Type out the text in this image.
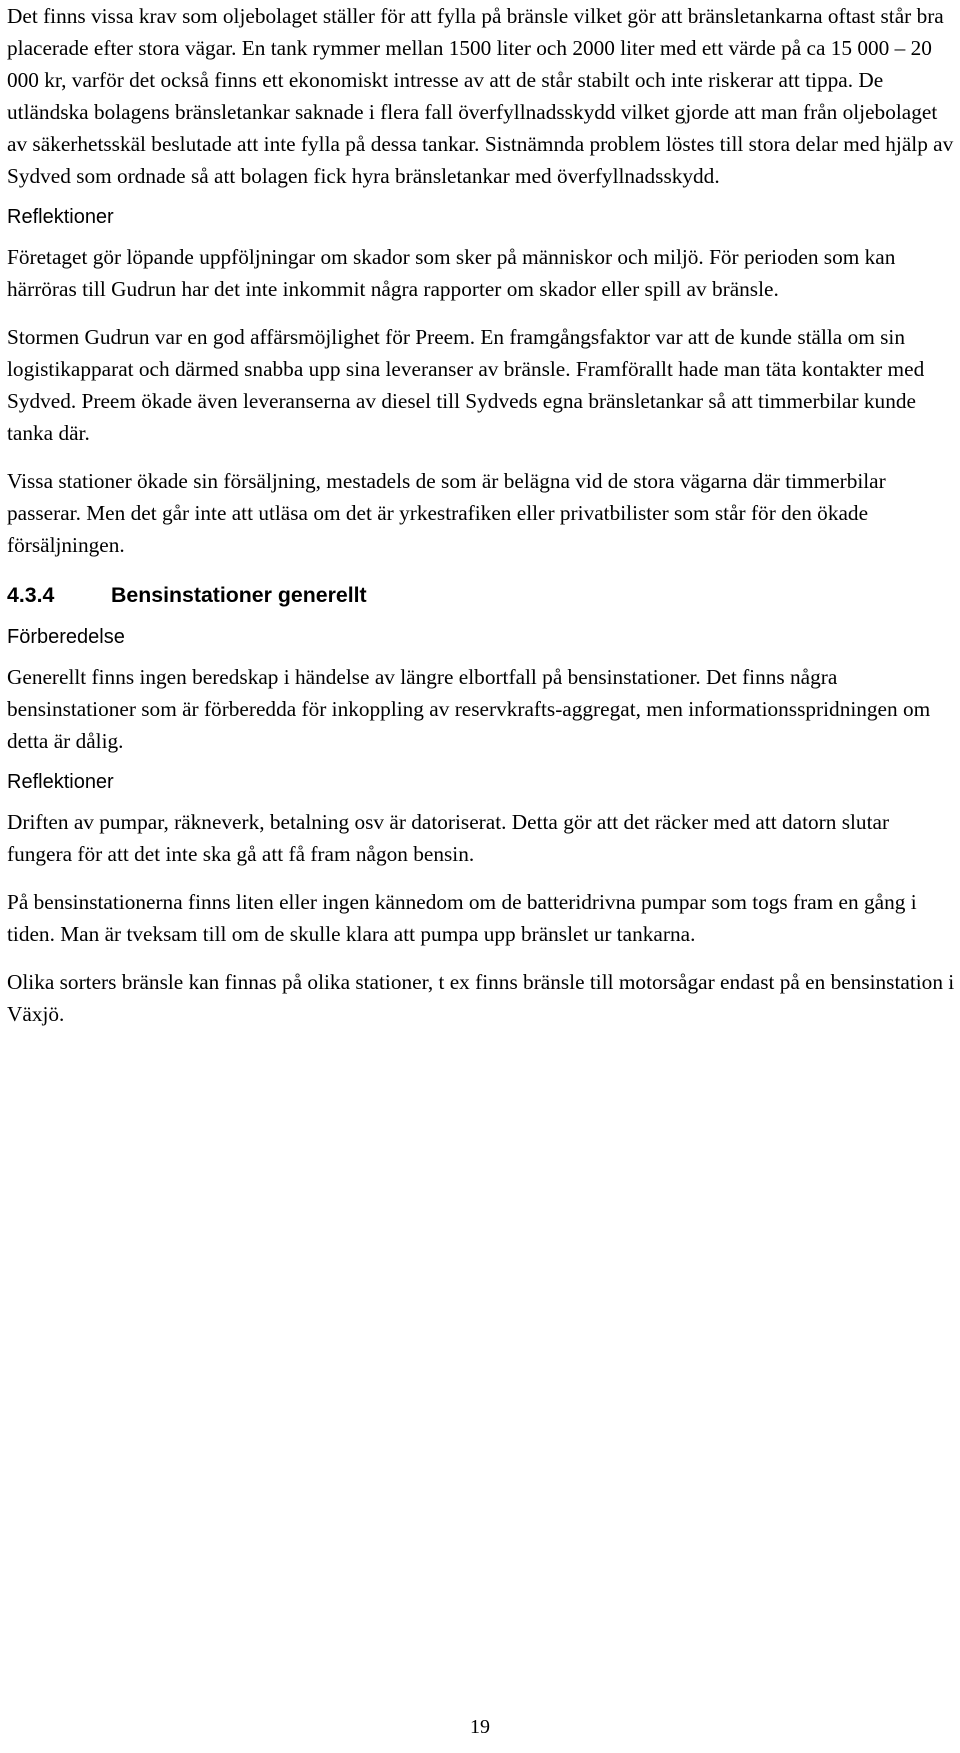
Det finns vissa krav som oljebolaget ställer för att fylla på bränsle vilket gör att bränsletankarna oftast står bra placerade efter stora vägar. En tank rymmer mellan 1500 liter och 2000 liter med ett värde på ca 15 000 – 20 000 kr, varför det också finns ett ekonomiskt intresse av att de står stabilt och inte riskerar att tippa. De utländska bolagens bränsletankar saknade i flera fall överfyllnadsskydd vilket gjorde att man från oljebolaget av säkerhetsskäl beslutade att inte fylla på dessa tankar. Sistnämnda problem löstes till stora delar med hjälp av Sydved som ordnade så att bolagen fick hyra bränsletankar med överfyllnadsskydd.

Reflektioner

Företaget gör löpande uppföljningar om skador som sker på människor och miljö. För perioden som kan härröras till Gudrun har det inte inkommit några rapporter om skador eller spill av bränsle.

Stormen Gudrun var en god affärsmöjlighet för Preem. En framgångsfaktor var att de kunde ställa om sin logistikapparat och därmed snabba upp sina leveranser av bränsle. Framförallt hade man täta kontakter med Sydved. Preem ökade även leveranserna av diesel till Sydveds egna bränsletankar så att timmerbilar kunde tanka där.

Vissa stationer ökade sin försäljning, mestadels de som är belägna vid de stora vägarna där timmerbilar passerar. Men det går inte att utläsa om det är yrkestrafiken eller privatbilister som står för den ökade försäljningen.

4.3.4	Bensinstationer generellt

Förberedelse

Generellt finns ingen beredskap i händelse av längre elbortfall på bensinstationer. Det finns några bensinstationer som är förberedda för inkoppling av reservkrafts-aggregat, men informationsspridningen om detta är dålig.

Reflektioner

Driften av pumpar, räkneverk, betalning osv är datoriserat. Detta gör att det räcker med att datorn slutar fungera för att det inte ska gå att få fram någon bensin.

På bensinstationerna finns liten eller ingen kännedom om de batteridrivna pumpar som togs fram en gång i tiden. Man är tveksam till om de skulle klara att pumpa upp bränslet ur tankarna.

Olika sorters bränsle kan finnas på olika stationer, t ex finns bränsle till motorsågar endast på en bensinstation i Växjö.

19
